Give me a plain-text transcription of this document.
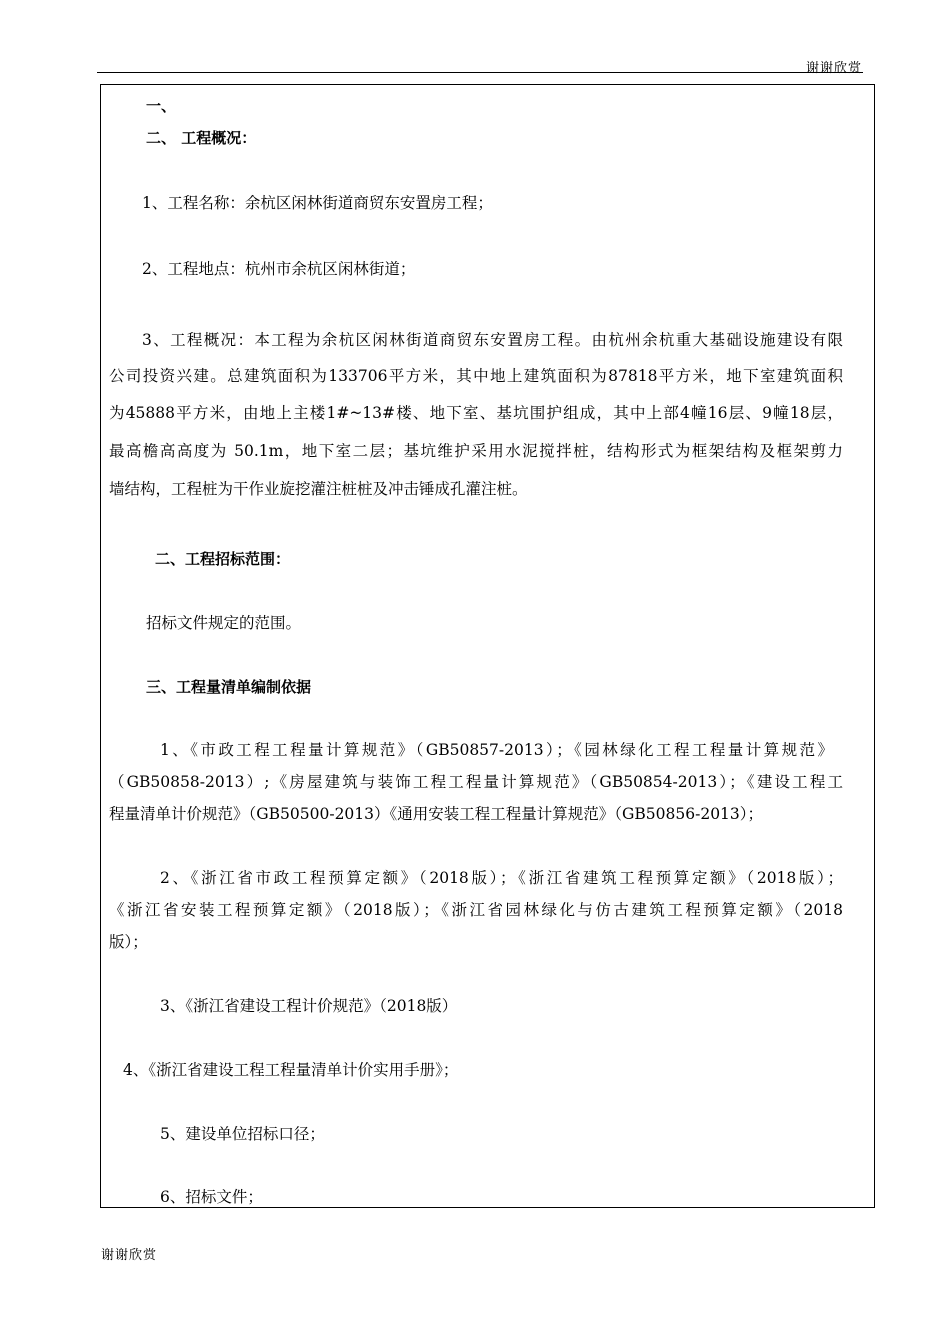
谢谢欣赏
一、
二、 工程概况：
1、工程名称：余杭区闲林街道商贸东安置房工程；
2、工程地点：杭州市余杭区闲林街道；
3、工程概况：本工程为余杭区闲林街道商贸东安置房工程。由杭州余杭重大基础设施建设有限
公司投资兴建。总建筑面积为133706平方米，其中地上建筑面积为87818平方米，地下室建筑面积
为45888平方米，由地上主楼1#~13#楼、地下室、基坑围护组成，其中上部4幢16层、9幢18层，
最高檐高高度为 50.1m，地下室二层；基坑维护采用水泥搅拌桩，结构形式为框架结构及框架剪力
墙结构，工程桩为干作业旋挖灌注桩桩及冲击锤成孔灌注桩。
二、工程招标范围：
招标文件规定的范围。
三、工程量清单编制依据
1、《市政工程工程量计算规范》（GB50857-2013）；《园林绿化工程工程量计算规范》
（GB50858-2013）;《房屋建筑与装饰工程工程量计算规范》（GB50854-2013）；《建设工程工
程量清单计价规范》（GB50500-2013）《通用安装工程工程量计算规范》（GB50856-2013）；
2、《浙江省市政工程预算定额》（2018版）；《浙江省建筑工程预算定额》（2018版）；
《浙江省安装工程预算定额》（2018版）；《浙江省园林绿化与仿古建筑工程预算定额》（2018
版）；
3、《浙江省建设工程计价规范》（2018版）
4、《浙江省建设工程工程量清单计价实用手册》；
5、建设单位招标口径；
6、招标文件；
谢谢欣赏
